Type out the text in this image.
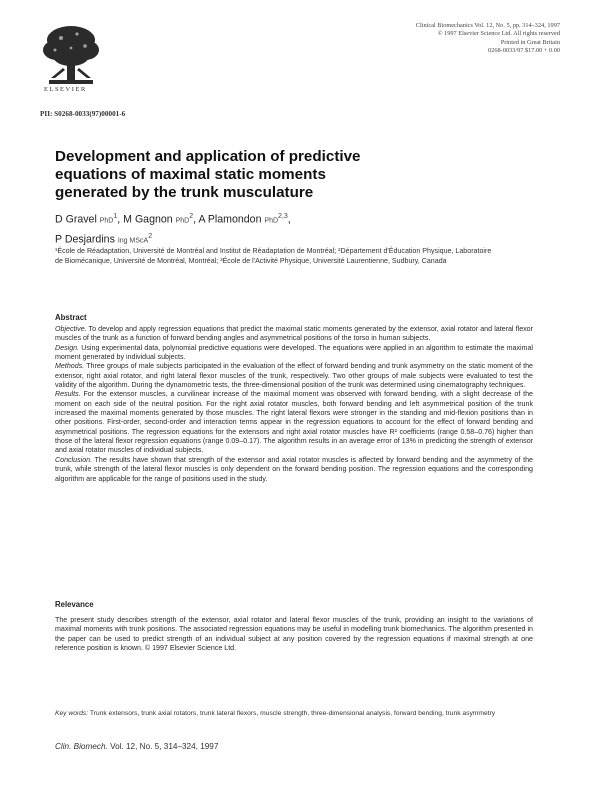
ELSEVIER
Clinical Biomechanics Vol. 12, No. 5, pp. 314–324, 1997
© 1997 Elsevier Science Ltd. All rights reserved
Printed in Great Britain
0268-0033/97 $17.00 + 0.00
PII: S0268-0033(97)00001-6
Development and application of predictive
equations of maximal static moments
generated by the trunk musculature
D Gravel PhD$^1$, M Gagnon PhD$^2$, A Plamondon PhD$^{2,3}$,
P Desjardins Ing MScA$^2$
¹École de Réadaptation, Université de Montréal and Institut de Réadaptation de Montréal; ²Département d'Éducation Physique, Laboratoire de Biomécanique, Université de Montréal, Montréal; ³École de l'Activité Physique, Université Laurentienne, Sudbury, Canada
Abstract

Objective. To develop and apply regression equations that predict the maximal static moments generated by the extensor, axial rotator and lateral flexor muscles of the trunk as a function of forward bending angles and asymmetrical positions of the torso in human subjects.

Design. Using experimental data, polynomial predictive equations were developed. The equations were applied in an algorithm to estimate the maximal moment generated by individual subjects.

Methods. Three groups of male subjects participated in the evaluation of the effect of forward bending and trunk asymmetry on the static moment of the extensor, right axial rotator, and right lateral flexor muscles of the trunk, respectively. Two other groups of male subjects were evaluated to test the validity of the algorithm. During the dynamometric tests, the three-dimensional position of the trunk was determined using cinematography techniques.

Results. For the extensor muscles, a curvilinear increase of the maximal moment was observed with forward bending, with a slight decrease of the moment on each side of the neutral position. For the right axial rotator muscles, both forward bending and left asymmetrical position of the trunk increased the maximal moments generated by those muscles. The right lateral flexors were stronger in the standing and mid-flexion positions than in other positions. First-order, second-order and interaction terms appear in the regression equations to account for the effect of forward bending and asymmetrical positions. The regression equations for the extensors and right axial rotator muscles have R² coefficients (range 0.58–0.76) higher than those of the lateral flexor regression equations (range 0.09–0.17). The algorithm results in an average error of 13% in predicting the strength of extensor and axial rotator muscles of individual subjects.

Conclusion. The results have shown that strength of the extensor and axial rotator muscles is affected by forward bending and the asymmetry of the trunk, while strength of the lateral flexor muscles is only dependent on the forward bending position. The regression equations and the corresponding algorithm are applicable for the range of positions used in the study.

Relevance

The present study describes strength of the extensor, axial rotator and lateral flexor muscles of the trunk, providing an insight to the variations of maximal moments with trunk positions. The associated regression equations may be useful in modelling trunk biomechanics. The algorithm presented in the paper can be used to predict strength of an individual subject at any position covered by the regression equations if maximal strength at one reference position is known. © 1997 Elsevier Science Ltd.

Key words: Trunk extensors, trunk axial rotators, trunk lateral flexors, muscle strength, three-dimensional analysis, forward bending, trunk asymmetry
Clin. Biomech. Vol. 12, No. 5, 314–324, 1997
